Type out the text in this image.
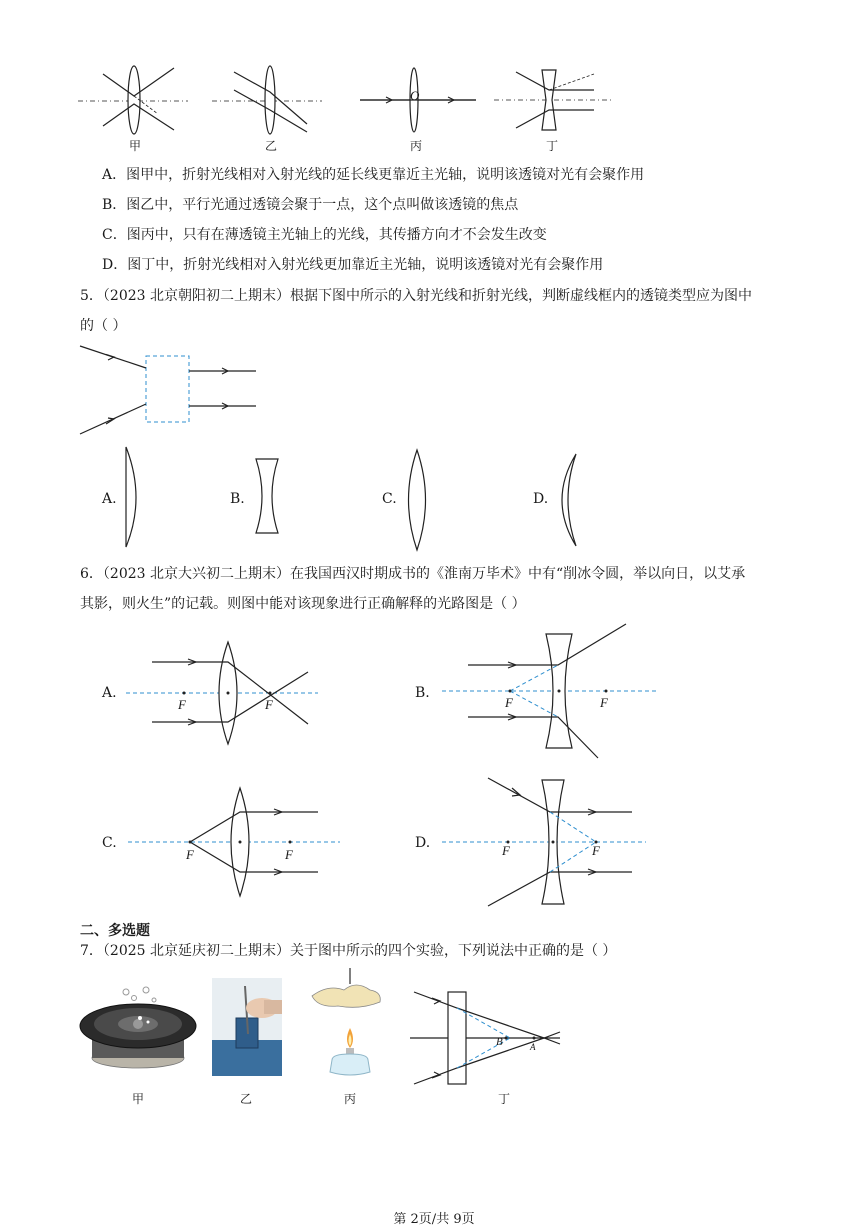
甲	乙
O
丙	丁
A．图甲中，折射光线相对入射光线的延长线更靠近主光轴，说明该透镜对光有会聚作用
B．图乙中，平行光通过透镜会聚于一点，这个点叫做该透镜的焦点
C．图丙中，只有在薄透镜主光轴上的光线，其传播方向才不会发生改变
D．图丁中，折射光线相对入射光线更加靠近主光轴，说明该透镜对光有会聚作用
5．（2023 北京朝阳初二上期末）根据下图中所示的入射光线和折射光线，判断虚线框内的透镜类型应为图中
的（ ）
A.	B.	C.	D.
6．（2023 北京大兴初二上期末）在我国西汉时期成书的《淮南万毕术》中有“削冰令圆，举以向日，以艾承
其影，则火生”的记载。则图中能对该现象进行正确解释的光路图是（ ）
A.
F	F
B.
F	F
C.
F	F
D.	F	F
二、多选题
7．（2025 北京延庆初二上期末）关于图中所示的四个实验，下列说法中正确的是（ ）
甲	乙	丙
B	A
丁
第 2页/共 9页
